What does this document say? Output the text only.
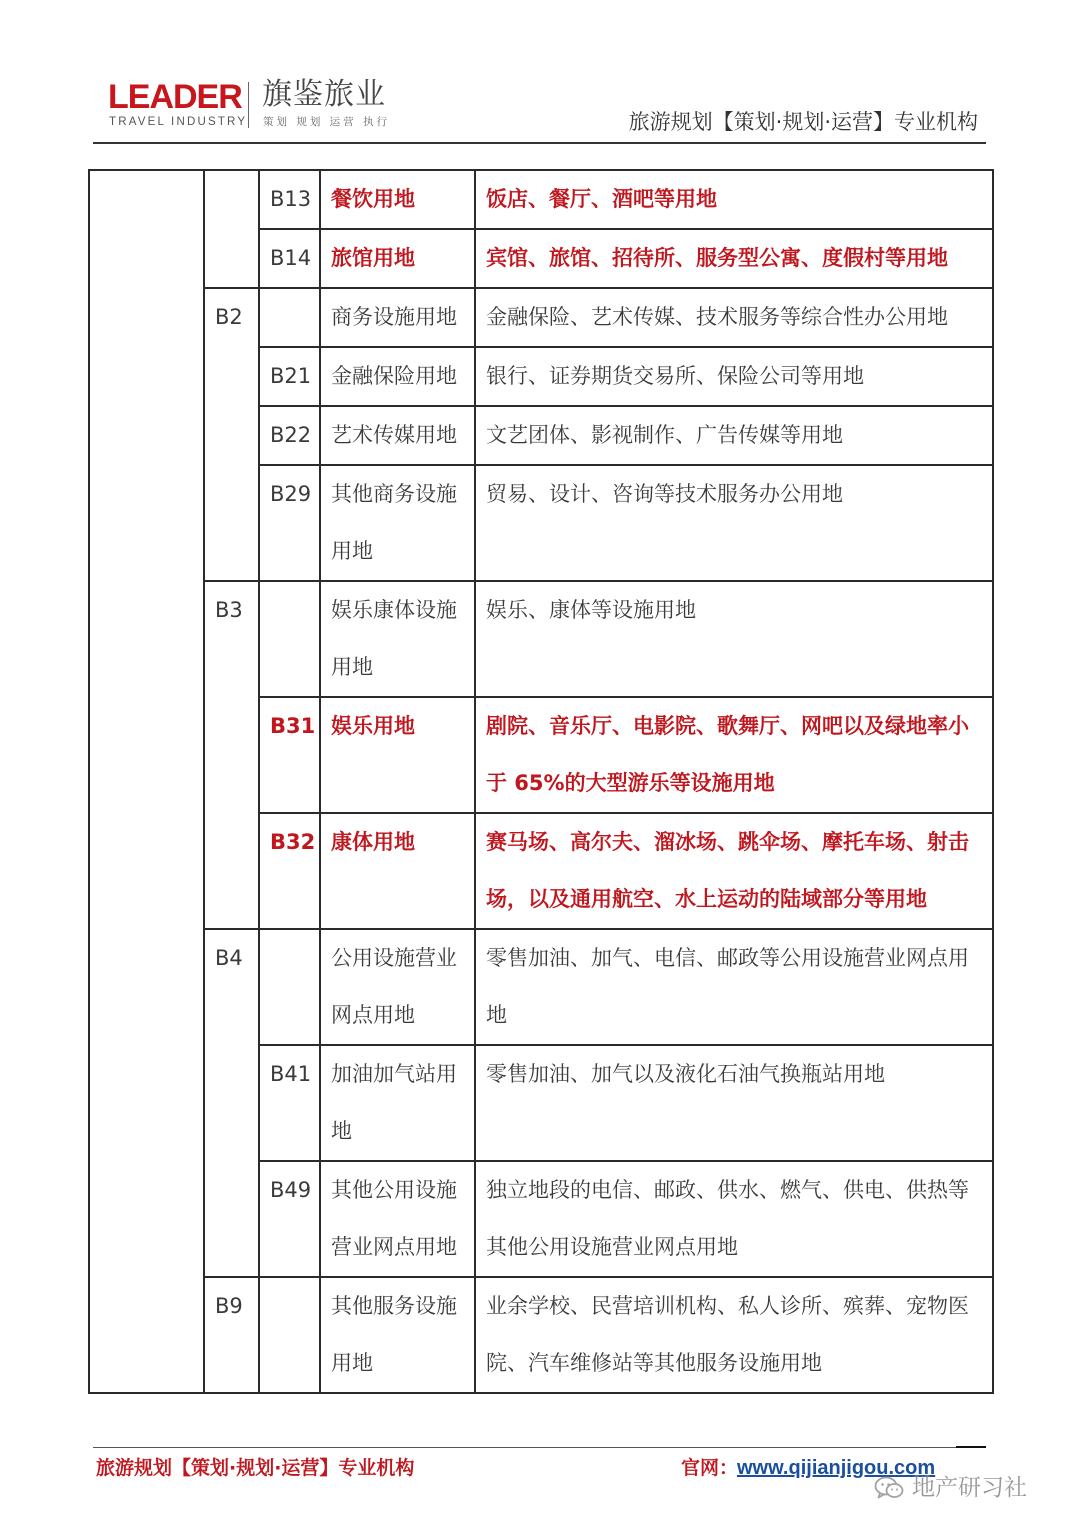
LEADER
TRAVEL INDUSTRY
旗鉴旅业
策划 规划 运营 执行	旅游规划【策划·规划·运营】专业机构
		B13	餐饮用地	饭店、餐厅、酒吧等用地
		B14	旅馆用地	宾馆、旅馆、招待所、服务型公寓、度假村等用地
	B2		商务设施用地	金融保险、艺术传媒、技术服务等综合性办公用地
		B21	金融保险用地	银行、证券期货交易所、保险公司等用地
		B22	艺术传媒用地	文艺团体、影视制作、广告传媒等用地
		B29	其他商务设施用地	贸易、设计、咨询等技术服务办公用地
	B3		娱乐康体设施用地	娱乐、康体等设施用地
		B31	娱乐用地	剧院、音乐厅、电影院、歌舞厅、网吧以及绿地率小于 65%的大型游乐等设施用地
		B32	康体用地	赛马场、高尔夫、溜冰场、跳伞场、摩托车场、射击场，以及通用航空、水上运动的陆域部分等用地
	B4		公用设施营业网点用地	零售加油、加气、电信、邮政等公用设施营业网点用地
		B41	加油加气站用地	零售加油、加气以及液化石油气换瓶站用地
		B49	其他公用设施营业网点用地	独立地段的电信、邮政、供水、燃气、供电、供热等其他公用设施营业网点用地
	B9		其他服务设施用地	业余学校、民营培训机构、私人诊所、殡葬、宠物医院、汽车维修站等其他服务设施用地
旅游规划【策划·规划·运营】专业机构	官网：
www.qijianjigou.com
地产研习社
